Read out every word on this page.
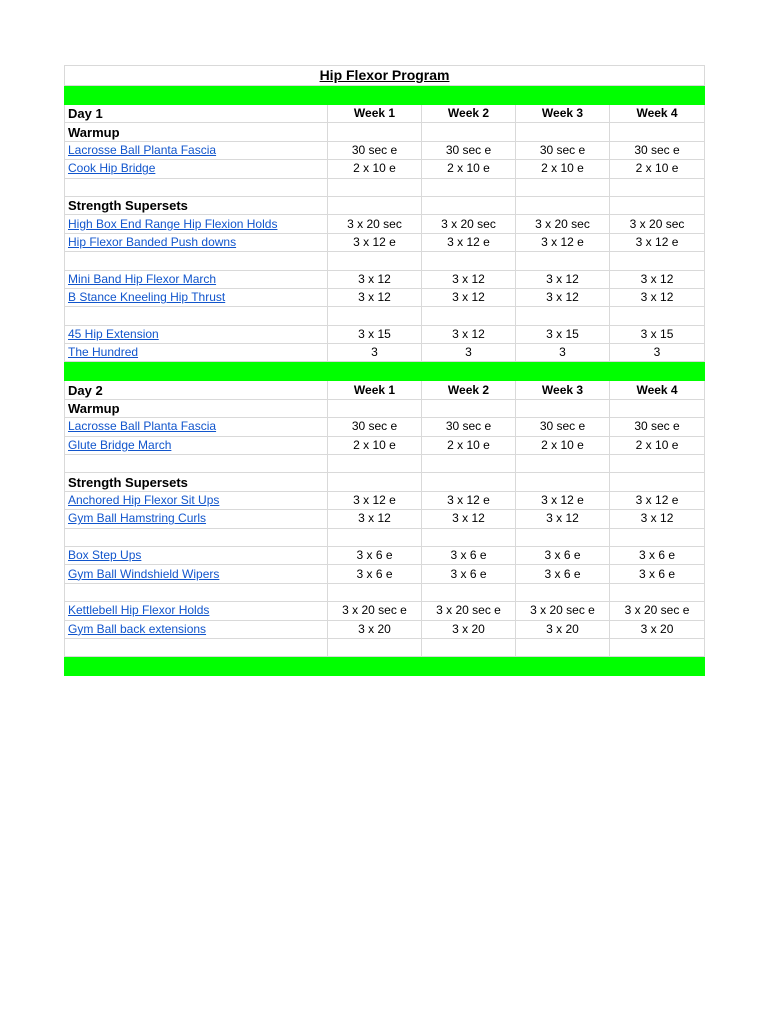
Hip Flexor Program				

Day 1	Week 1	Week 2	Week 3	Week 4
Warmup				
Lacrosse Ball Planta Fascia	30 sec e	30 sec e	30 sec e	30 sec e
Cook Hip Bridge	2 x 10 e	2 x 10 e	2 x 10 e	2 x 10 e

Strength Supersets				
High Box End Range Hip Flexion Holds	3 x 20 sec	3 x 20 sec	3 x 20 sec	3 x 20 sec
Hip Flexor Banded Push downs	3 x 12 e	3 x 12 e	3 x 12 e	3 x 12 e

Mini Band Hip Flexor March	3 x 12	3 x 12	3 x 12	3 x 12
B Stance Kneeling Hip Thrust	3 x 12	3 x 12	3 x 12	3 x 12

45 Hip Extension	3 x 15	3 x 12	3 x 15	3 x 15
The Hundred	3	3	3	3

Day 2	Week 1	Week 2	Week 3	Week 4
Warmup				
Lacrosse Ball Planta Fascia	30 sec e	30 sec e	30 sec e	30 sec e
Glute Bridge March	2 x 10 e	2 x 10 e	2 x 10 e	2 x 10 e

Strength Supersets				
Anchored Hip Flexor Sit Ups	3 x 12 e	3 x 12 e	3 x 12 e	3 x 12 e
Gym Ball Hamstring Curls	3 x 12	3 x 12	3 x 12	3 x 12

Box Step Ups	3 x 6 e	3 x 6 e	3 x 6 e	3 x 6 e
Gym Ball Windshield Wipers	3 x 6 e	3 x 6 e	3 x 6 e	3 x 6 e

Kettlebell Hip Flexor Holds	3 x 20 sec e	3 x 20 sec e	3 x 20 sec e	3 x 20 sec e
Gym Ball back extensions	3 x 20	3 x 20	3 x 20	3 x 20
